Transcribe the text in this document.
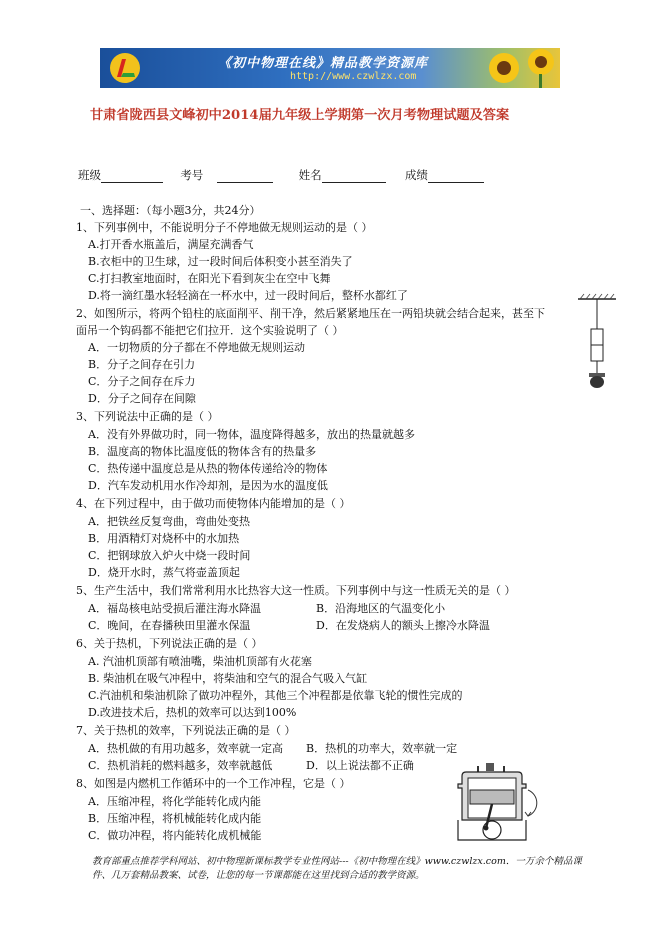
《初中物理在线》精品教学资源库
http://www.czwlzx.com
甘肃省陇西县文峰初中2014届九年级上学期第一次月考物理试题及答案
班级	考号	姓名	成绩
一、选择题：（每小题3分，共24分）
1、下列事例中，不能说明分子不停地做无规则运动的是（ ）
A.打开香水瓶盖后，满屋充满香气
B.衣柜中的卫生球，过一段时间后体积变小甚至消失了
C.打扫教室地面时，在阳光下看到灰尘在空中飞舞
D.将一滴红墨水轻轻滴在一杯水中，过一段时间后，整杯水都红了
2、如图所示，将两个铅柱的底面削平、削干净，然后紧紧地压在一两铅块就会结合起来，甚至下
面吊一个钩码都不能把它们拉开．这个实验说明了（ ）
A．一切物质的分子都在不停地做无规则运动
B．分子之间存在引力
C．分子之间存在斥力
D．分子之间存在间隙
3、下列说法中正确的是（ ）
A．没有外界做功时，同一物体，温度降得越多，放出的热量就越多
B．温度高的物体比温度低的物体含有的热量多
C．热传递中温度总是从热的物体传递给冷的物体
D．汽车发动机用水作冷却剂，是因为水的温度低
4、在下列过程中，由于做功而使物体内能增加的是（ ）
A．把铁丝反复弯曲，弯曲处变热
B．用酒精灯对烧杯中的水加热
C．把钢球放入炉火中烧一段时间
D．烧开水时，蒸气将壶盖顶起
5、生产生活中，我们常常利用水比热容大这一性质。下列事例中与这一性质无关的是（ ）
A．福岛核电站受损后灌注海水降温	B．沿海地区的气温变化小
C．晚间，在春播秧田里灌水保温	D．在发烧病人的额头上擦冷水降温
6、关于热机，下列说法正确的是（ ）
A. 汽油机顶部有喷油嘴，柴油机顶部有火花塞
B. 柴油机在吸气冲程中，将柴油和空气的混合气吸入气缸
C.汽油机和柴油机除了做功冲程外，其他三个冲程都是依靠飞轮的惯性完成的
D.改进技术后，热机的效率可以达到100%
7、关于热机的效率，下列说法正确的是（ ）
A．热机做的有用功越多，效率就一定高 B．热机的功率大，效率就一定
C．热机消耗的燃料越多，效率就越低	D．以上说法都不正确
8、如图是内燃机工作循环中的一个工作冲程，它是（ ）
A．压缩冲程，将化学能转化成内能
B．压缩冲程，将机械能转化成内能
C．做功冲程，将内能转化成机械能
教育部重点推荐学科网站、初中物理新课标教学专业性网站---《初中物理在线》www.czwlzx.com．一万余个精品课件、几万套精品教案、试卷，让您的每一节课都能在这里找到合适的教学资源。
